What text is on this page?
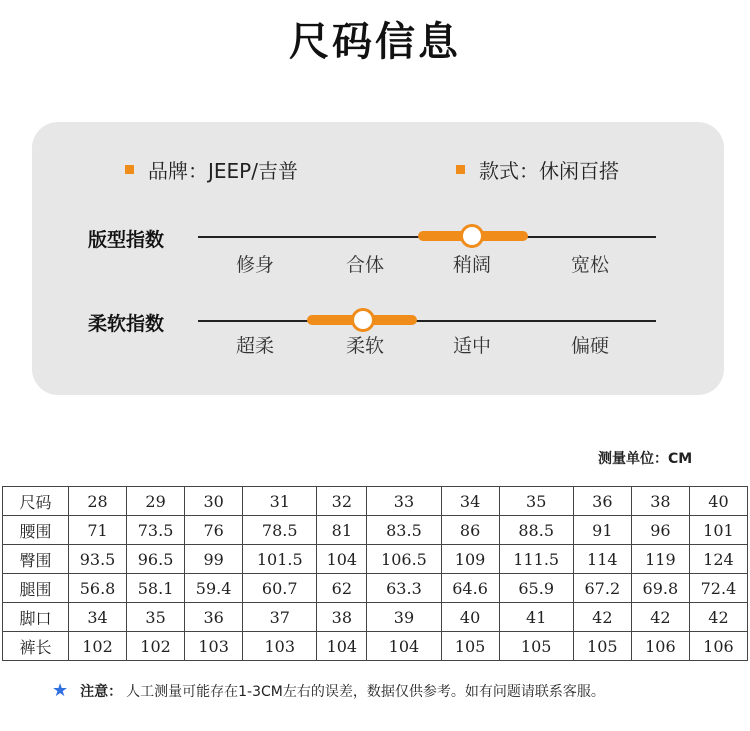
尺码信息
品牌：JEEP/吉普	款式：休闲百搭
版型指数
修身	合体	稍阔	宽松
柔软指数
超柔	柔软	适中	偏硬
测量单位：CM
尺码	28	29	30	31	32	33	34	35	36	38	40
腰围	71	73.5	76	78.5	81	83.5	86	88.5	91	96	101
臀围	93.5	96.5	99	101.5	104	106.5	109	111.5	114	119	124
腿围	56.8	58.1	59.4	60.7	62	63.3	64.6	65.9	67.2	69.8	72.4
脚口	34	35	36	37	38	39	40	41	42	42	42
裤长	102	102	103	103	104	104	105	105	105	106	106
★ 注意： 人工测量可能存在1-3CM左右的误差，数据仅供参考。如有问题请联系客服。
